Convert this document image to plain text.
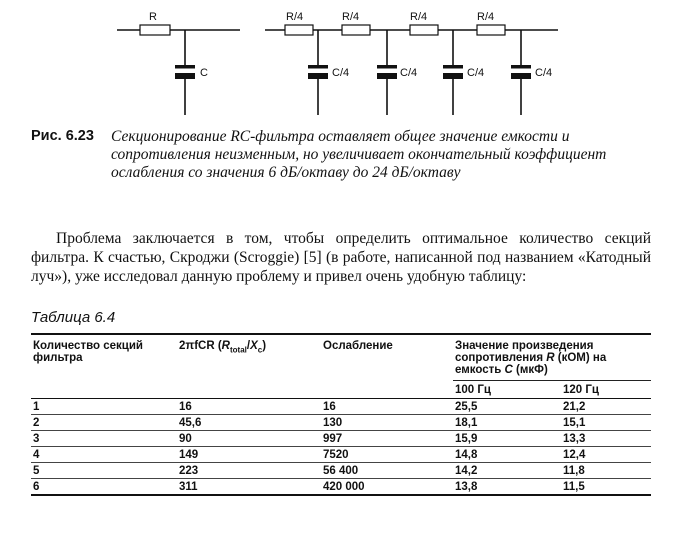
R
C
R/4	R/4	R/4	R/4
C/4	C/4	C/4	C/4
Рис. 6.23 Секционирование RC-фильтра оставляет общее значение емкости и сопротивления неизменным, но увеличивает окончательный коэффициент ослабления со значения 6 дБ/октаву до 24 дБ/октаву
Проблема заключается в том, чтобы определить оптимальное количество секций фильтра. К счастью, Скроджи (Scroggie) [5] (в работе, написанной под названием «Катодный луч»), уже исследовал данную проблему и привел очень удобную таблицу:
Таблица 6.4
Количество секций фильтра	2πfCR $(R_{total}/X_c)$	Ослабление	Значение произведения сопротивления R (кОМ) на емкость C (мкФ)	
			100 Гц	120 Гц
1	16	16	25,5	21,2
2	45,6	130	18,1	15,1
3	90	997	15,9	13,3
4	149	7520	14,8	12,4
5	223	56 400	14,2	11,8
6	311	420 000	13,8	11,5
